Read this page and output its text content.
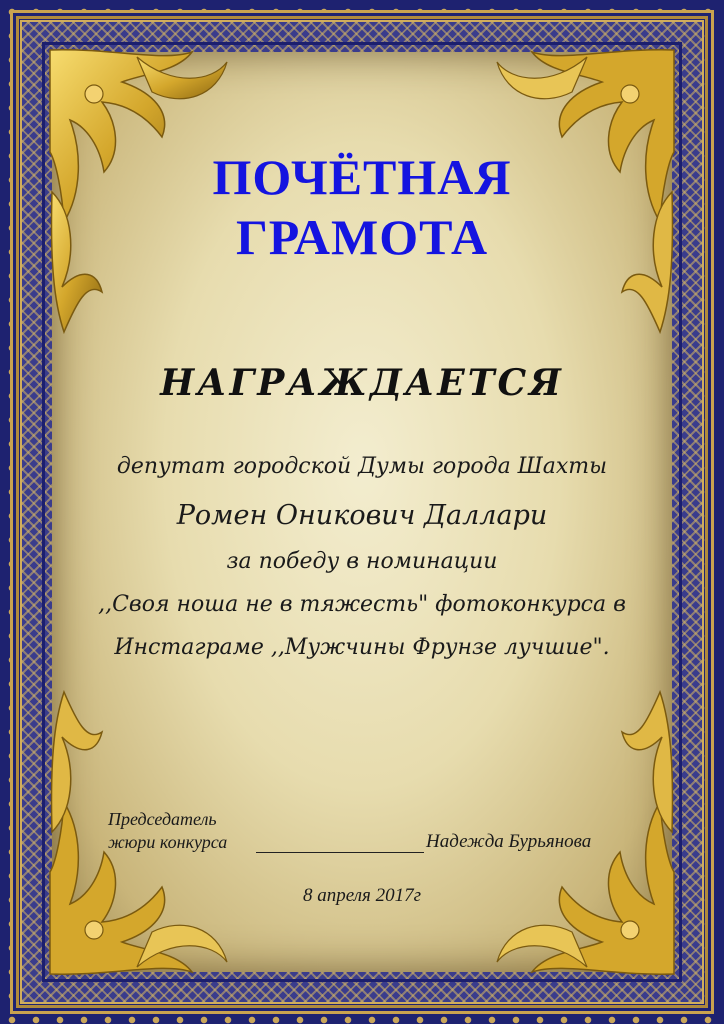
ПОЧЁТНАЯ
ГРАМОТА
НАГРАЖДАЕТСЯ
депутат городской Думы города Шахты
Ромен Оникович Даллари
за победу в номинации
,,Своя ноша не в тяжесть" фотоконкурса в
Инстаграме ,,Мужчины Фрунзе лучшие".
Председатель
жюри конкурса	Надежда Бурьянова
8 апреля 2017г
